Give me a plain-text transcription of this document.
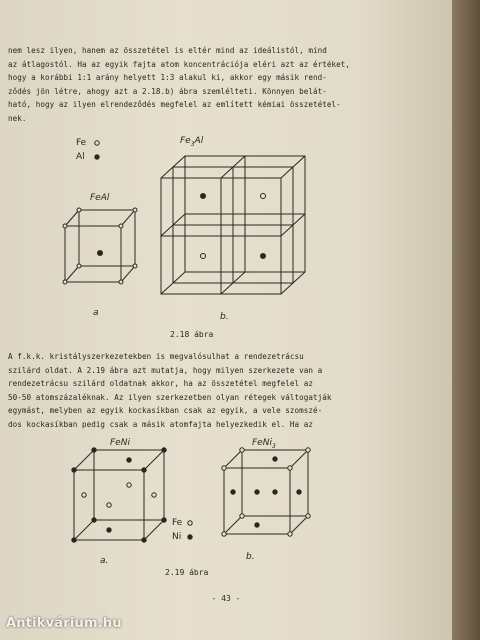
nem lesz ilyen, hanem az összetétel is eltér mind az ideálistól, mind
az átlagostól. Ha az egyik fajta atom koncentrációja eléri azt az értéket,
hogy a korábbi 1:1 arány helyett 1:3 alakul ki, akkor egy másik rend-
ződés jön létre, ahogy azt a 2.18.b) ábra szemlélteti. Könnyen belát-
ható, hogy az ilyen elrendeződés megfelel az említett kémiai összetétel-
nek.
Fe
Al
FeAl
$Fe_3Al$
a	b.
2.18 ábra
A f.k.k. kristályszerkezetekben is megvalósulhat a rendezetrácsu
szilárd oldat. A 2.19 ábra azt mutatja, hogy milyen szerkezete van a
rendezetrácsu szilárd oldatnak akkor, ha az összetétel megfelel az
50-50 atomszázaléknak. Az ilyen szerkezetben olyan rétegek váltogatják
egymást, melyben az egyik kockasíkban csak az egyik, a vele szomszé-
dos kockasíkban pedig csak a másik atomfajta helyezkedik el. Ha az
FeNi	FeNi$_3$
Fe
Ni
a.	b.
2.19 ábra
- 43 -
Antikvárium.hu
